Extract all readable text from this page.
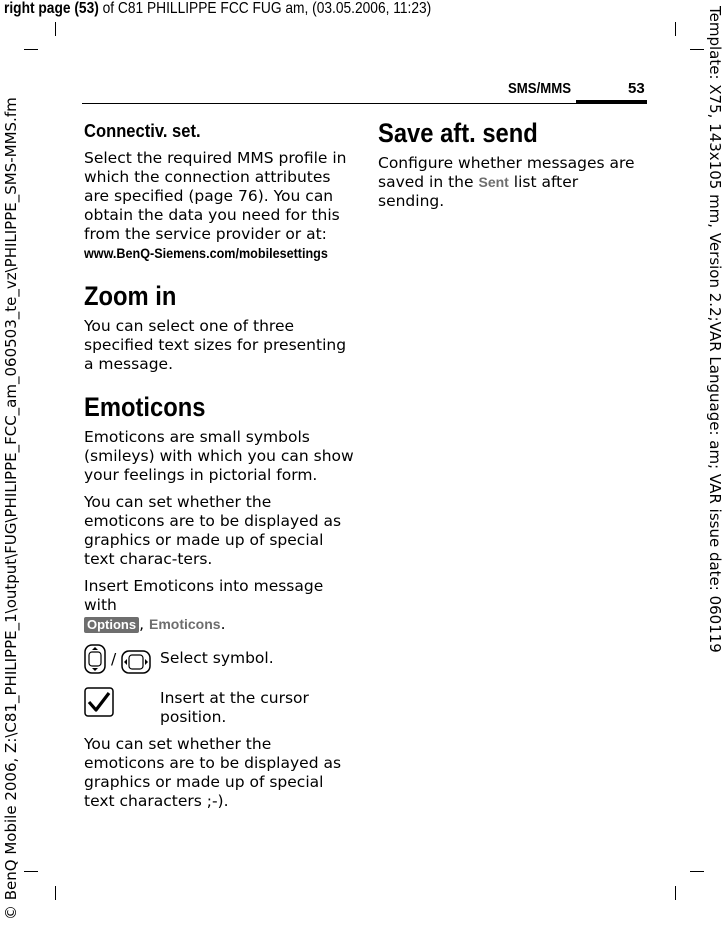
right page (53) of C81 PHILLIPPE FCC FUG am, (03.05.2006, 11:23)
© BenQ Mobile 2006, Z:\C81_PHILIPPE_1\output\FUG\PHILIPPE_FCC_am_060503_te_vz\PHILIPPE_SMS-MMS.fm	Template: X75, 143x105 mm, Version 2.2;VAR Language: am; VAR issue date: 060119
SMS/MMS	53
Connectiv. set.

Select the required MMS profile in which the connection attributes are specified (page 76). You can obtain the data you need for this from the service provider or at:
www.BenQ-Siemens.com/mobilesettings

Zoom in

You can select one of three specified text sizes for presenting a message.

Emoticons

Emoticons are small symbols (smileys) with which you can show your feelings in pictorial form.

You can set whether the emoticons are to be displayed as graphics or made up of special text charac-ters.

Insert Emoticons into message with
Options , Emoticons.

/	Select symbol.
Insert at the cursor position.

You can set whether the emoticons are to be displayed as graphics or made up of special text characters ;-).

Save aft. send

Configure whether messages are saved in the Sent list after sending.
